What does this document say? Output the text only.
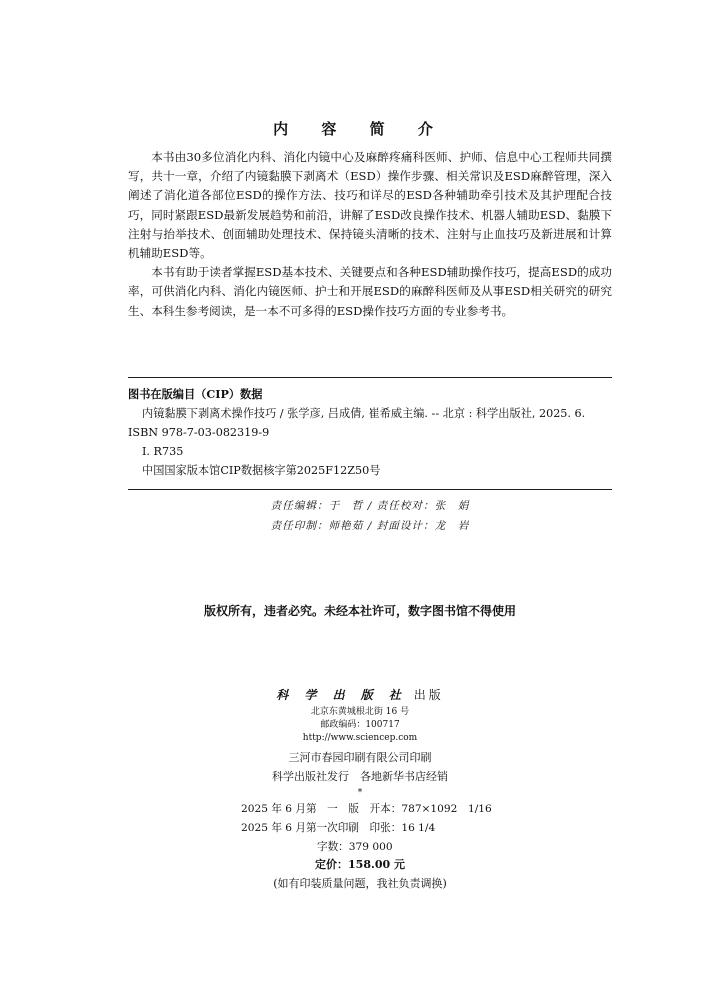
内 容 简 介

本书由30多位消化内科、消化内镜中心及麻醉疼痛科医师、护师、信息中心工程师共同撰写，共十一章，介绍了内镜黏膜下剥离术（ESD）操作步骤、相关常识及ESD麻醉管理，深入阐述了消化道各部位ESD的操作方法、技巧和详尽的ESD各种辅助牵引技术及其护理配合技巧，同时紧跟ESD最新发展趋势和前沿，讲解了ESD改良操作技术、机器人辅助ESD、黏膜下注射与抬举技术、创面辅助处理技术、保持镜头清晰的技术、注射与止血技巧及新进展和计算机辅助ESD等。

本书有助于读者掌握ESD基本技术、关键要点和各种ESD辅助操作技巧，提高ESD的成功率，可供消化内科、消化内镜医师、护士和开展ESD的麻醉科医师及从事ESD相关研究的研究生、本科生参考阅读，是一本不可多得的ESD操作技巧方面的专业参考书。

图书在版编目（CIP）数据
内镜黏膜下剥离术操作技巧 / 张学彦, 吕成倩, 崔希威主编. -- 北京 : 科学出版社, 2025. 6.
ISBN 978-7-03-082319-9
Ⅰ. R735
中国国家版本馆CIP数据核字第2025F12Z50号
责任编辑：于　哲 / 责任校对：张　娟
责任印制：师艳茹 / 封面设计：龙　岩
版权所有，违者必究。未经本社许可，数字图书馆不得使用
科 学 出 版 社 出版
北京东黄城根北街 16 号
邮政编码：100717
http://www.sciencep.com
三河市春园印刷有限公司印刷
科学出版社发行　各地新华书店经销
*
2025 年 6 月第　一　版　开本：787×1092　1/16
2025 年 6 月第一次印刷　印张：16 1/4
字数：379 000
定价：158.00 元
(如有印装质量问题，我社负责调换)
